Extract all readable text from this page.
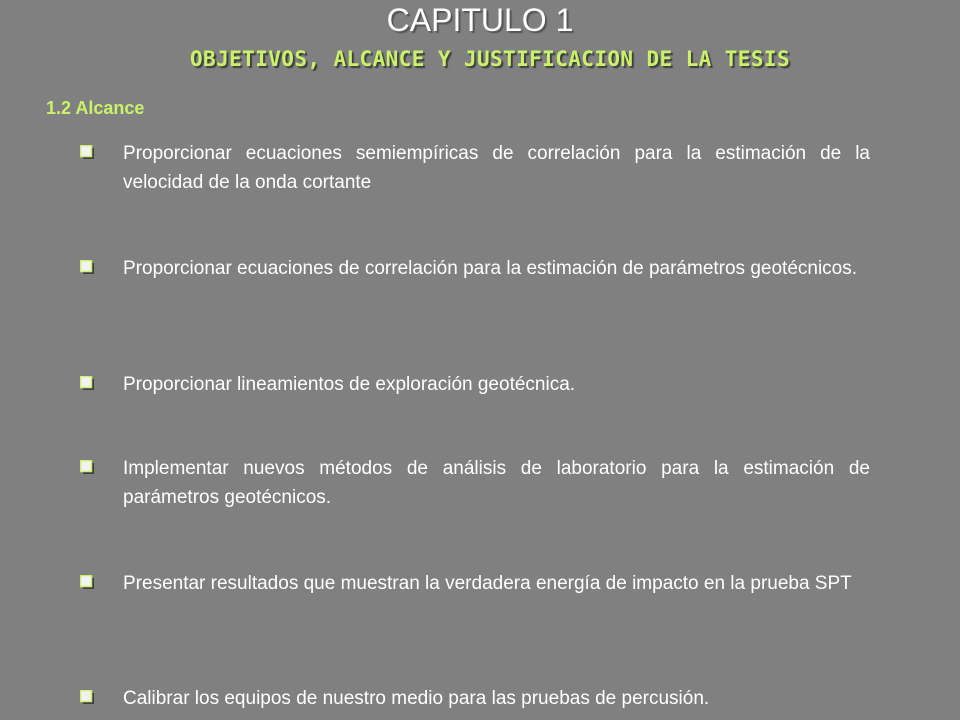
CAPITULO 1
OBJETIVOS, ALCANCE Y JUSTIFICACION DE LA TESIS
1.2 Alcance
Proporcionar ecuaciones semiempíricas de correlación para la estimación de la velocidad de la onda cortante
Proporcionar ecuaciones de correlación para la estimación de parámetros geotécnicos.
Proporcionar lineamientos de exploración geotécnica.
Implementar nuevos métodos de análisis de laboratorio para la estimación de parámetros geotécnicos.
Presentar resultados que muestran la verdadera energía de impacto en la prueba SPT
Calibrar los equipos de nuestro medio para las pruebas de percusión.
